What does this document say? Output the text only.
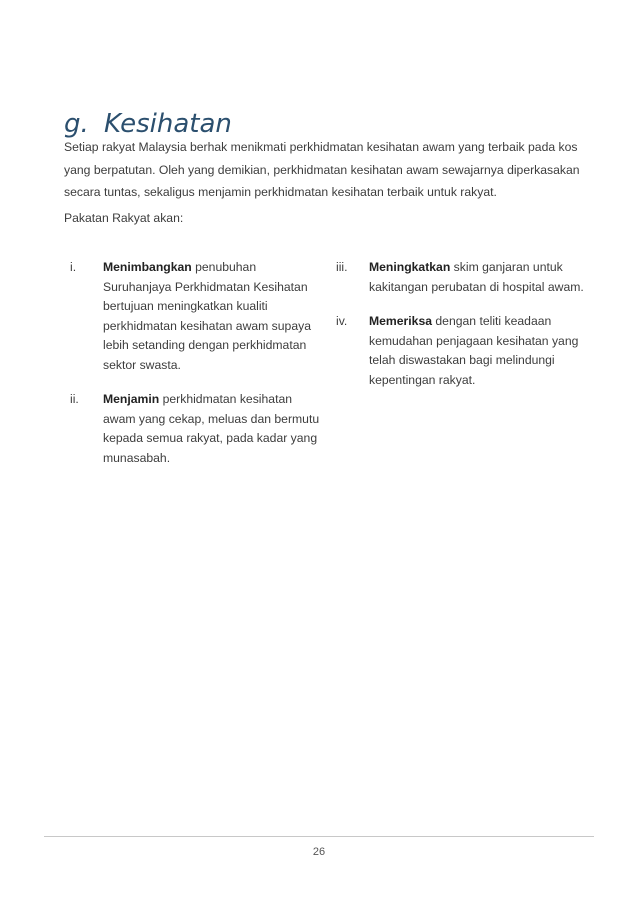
g. Kesihatan

Setiap rakyat Malaysia berhak menikmati perkhidmatan kesihatan awam yang terbaik pada kos yang berpatutan. Oleh yang demikian, perkhidmatan kesihatan awam sewajarnya diperkasakan secara tuntas, sekaligus menjamin perkhidmatan kesihatan terbaik untuk rakyat.

Pakatan Rakyat akan:

i.	Menimbangkan penubuhan Suruhanjaya Perkhidmatan Kesihatan bertujuan meningkatkan kualiti perkhidmatan kesihatan awam supaya lebih setanding dengan perkhidmatan sektor swasta.
ii.	Menjamin perkhidmatan kesihatan awam yang cekap, meluas dan bermutu kepada semua rakyat, pada kadar yang munasabah.
iii.	Meningkatkan skim ganjaran untuk kakitangan perubatan di hospital awam.
iv.	Memeriksa dengan teliti keadaan kemudahan penjagaan kesihatan yang telah diswastakan bagi melindungi kepentingan rakyat.
26
